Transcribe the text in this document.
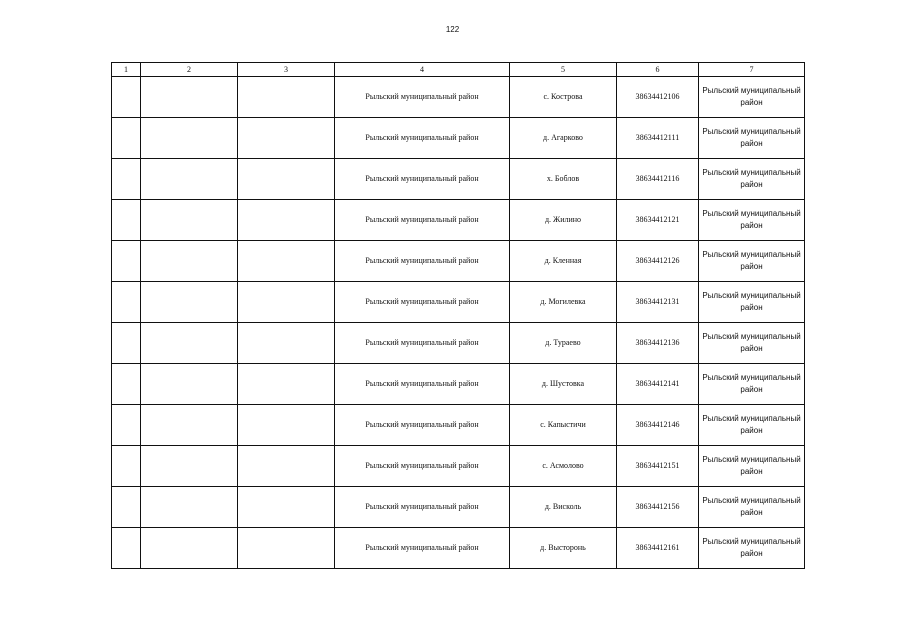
122
1	2	3	4	5	6	7
			Рыльский муниципальный район	с. Кострова	38634412106	Рыльский муниципальный район
			Рыльский муниципальный район	д. Агарково	38634412111	Рыльский муниципальный район
			Рыльский муниципальный район	х. Боблов	38634412116	Рыльский муниципальный район
			Рыльский муниципальный район	д. Жилино	38634412121	Рыльский муниципальный район
			Рыльский муниципальный район	д. Кленная	38634412126	Рыльский муниципальный район
			Рыльский муниципальный район	д. Могилевка	38634412131	Рыльский муниципальный район
			Рыльский муниципальный район	д. Тураево	38634412136	Рыльский муниципальный район
			Рыльский муниципальный район	д. Шустовка	38634412141	Рыльский муниципальный район
			Рыльский муниципальный район	с. Капыстичи	38634412146	Рыльский муниципальный район
			Рыльский муниципальный район	с. Асмолово	38634412151	Рыльский муниципальный район
			Рыльский муниципальный район	д. Висколь	38634412156	Рыльский муниципальный район
			Рыльский муниципальный район	д. Высторонь	38634412161	Рыльский муниципальный район
